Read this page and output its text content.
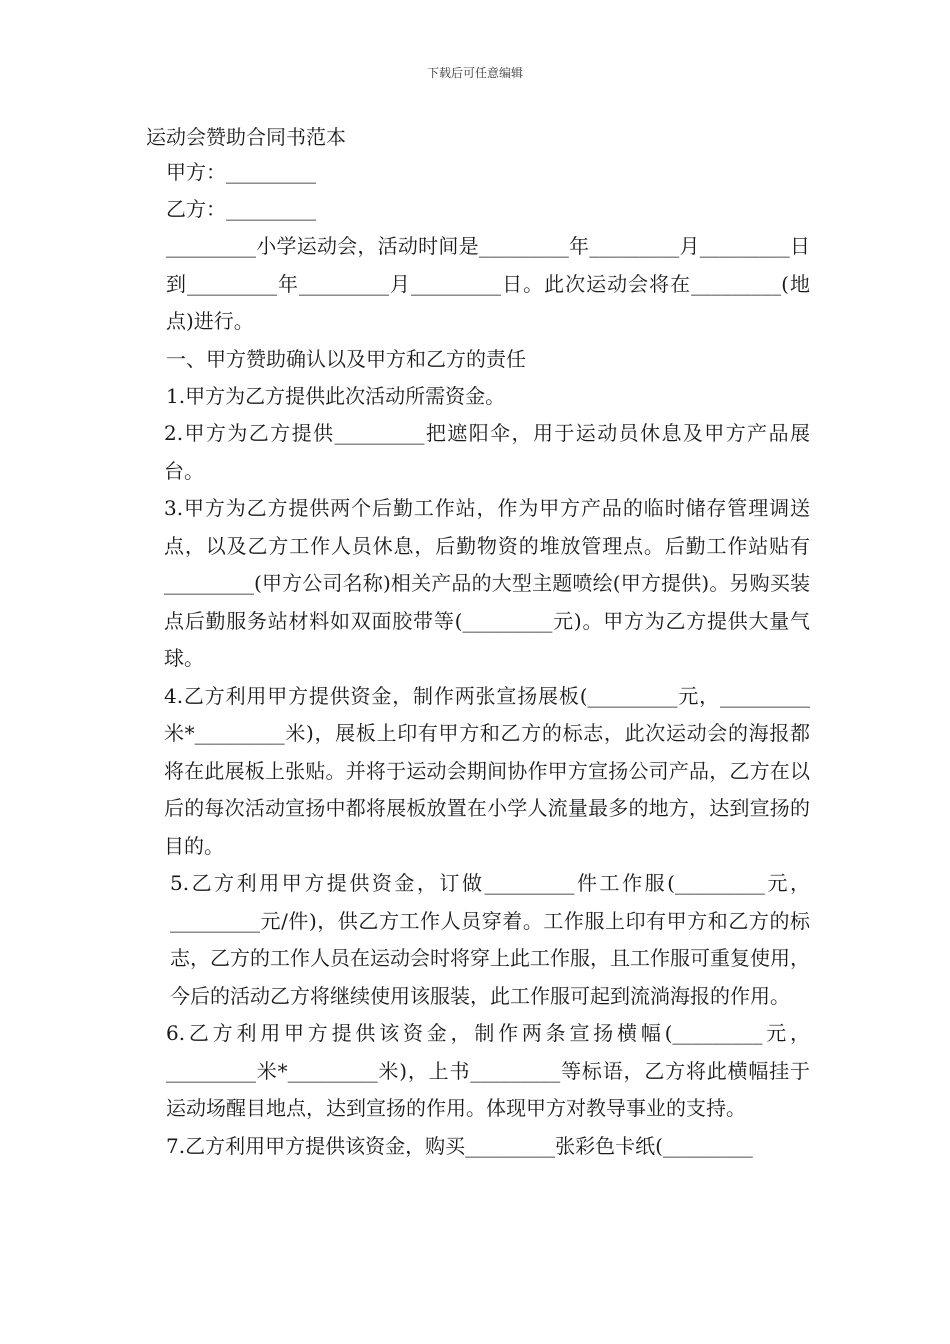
下载后可任意编辑

运动会赞助合同书范本

甲方：_________

乙方：_________

_________小学运动会，活动时间是_________年_________月_________日到_________年_________月_________日。此次运动会将在_________(地点)进行。

一、甲方赞助确认以及甲方和乙方的责任

1.甲方为乙方提供此次活动所需资金。

2.甲方为乙方提供_________把遮阳伞，用于运动员休息及甲方产品展台。

3.甲方为乙方提供两个后勤工作站，作为甲方产品的临时储存管理调送点，以及乙方工作人员休息，后勤物资的堆放管理点。后勤工作站贴有_________(甲方公司名称)相关产品的大型主题喷绘(甲方提供)。另购买装点后勤服务站材料如双面胶带等(_________元)。甲方为乙方提供大量气球。

4.乙方利用甲方提供资金，制作两张宣扬展板(_________元，_________米*_________米)，展板上印有甲方和乙方的标志，此次运动会的海报都将在此展板上张贴。并将于运动会期间协作甲方宣扬公司产品，乙方在以后的每次活动宣扬中都将展板放置在小学人流量最多的地方，达到宣扬的目的。

5.乙方利用甲方提供资金，订做_________件工作服(_________元，_________元/件)，供乙方工作人员穿着。工作服上印有甲方和乙方的标志，乙方的工作人员在运动会时将穿上此工作服，且工作服可重复使用，今后的活动乙方将继续使用该服装，此工作服可起到流淌海报的作用。

6.乙方利用甲方提供该资金，制作两条宣扬横幅(_________元，_________米*_________米)，上书_________等标语，乙方将此横幅挂于运动场醒目地点，达到宣扬的作用。体现甲方对教导事业的支持。

7.乙方利用甲方提供该资金，购买_________张彩色卡纸(_________
